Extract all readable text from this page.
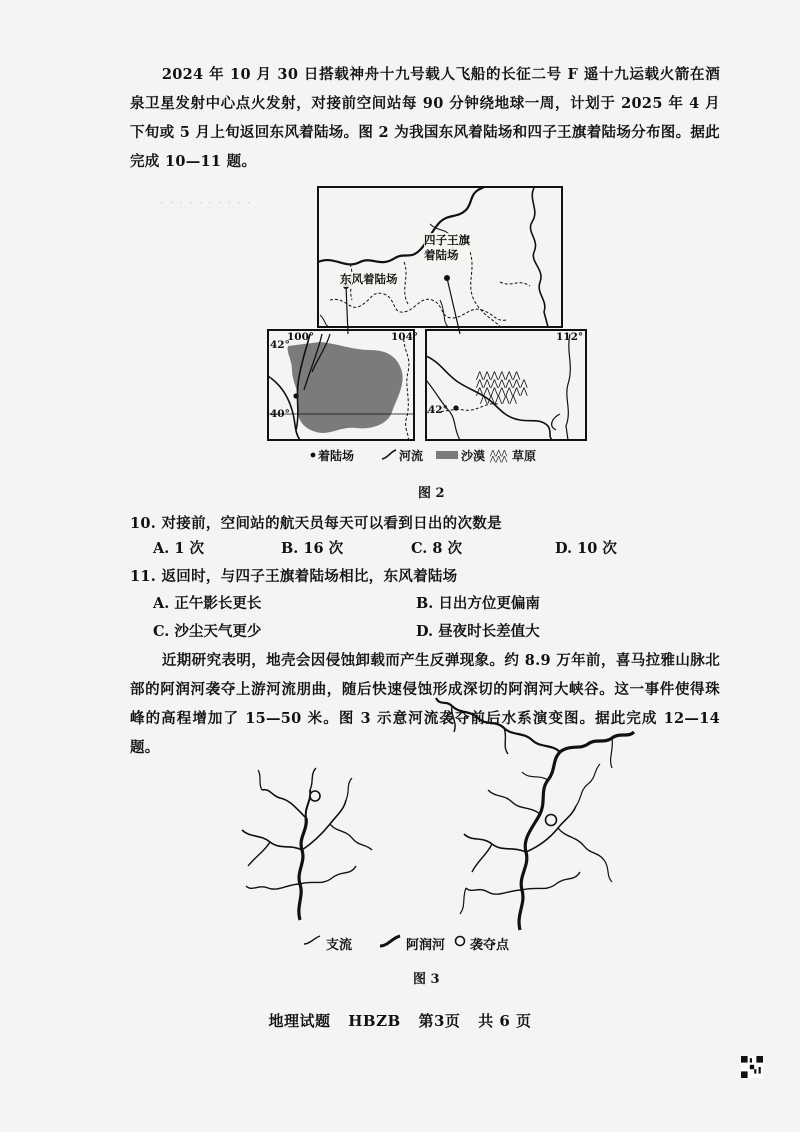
· · · · · · · · · ·
2024 年 10 月 30 日搭载神舟十九号载人飞船的长征二号 F 遥十九运载火箭在酒泉卫星发射中心点火发射，对接前空间站每 90 分钟绕地球一周，计划于 2025 年 4 月下旬或 5 月上旬返回东风着陆场。图 2 为我国东风着陆场和四子王旗着陆场分布图。据此完成 10—11 题。
⋀⋀⋀⋀⋀⋀
⋀⋀⋀⋀⋀⋀⋀
⋀⋀⋀⋀⋀⋀⋀
⋀⋀⋀⋀⋀
⋀⋀⋀
⋀⋀⋀
四子王旗
着陆场
东风着陆场
100°	104°
42°
40°
112°
42°
着陆场	河流	沙漠 草原
图 2
10. 对接前，空间站的航天员每天可以看到日出的次数是
A. 1 次	B. 16 次	C. 8 次	D. 10 次
11. 返回时，与四子王旗着陆场相比，东风着陆场
A. 正午影长更长	B. 日出方位更偏南
C. 沙尘天气更少	D. 昼夜时长差值大
近期研究表明，地壳会因侵蚀卸载而产生反弹现象。约 8.9 万年前，喜马拉雅山脉北部的阿润河袭夺上游河流朋曲，随后快速侵蚀形成深切的阿润河大峡谷。这一事件使得珠峰的高程增加了 15—50 米。图 3 示意河流袭夺前后水系演变图。据此完成 12—14 题。
支流	阿润河 袭夺点
图 3
地理试题 HBZB 第3页 共 6 页
